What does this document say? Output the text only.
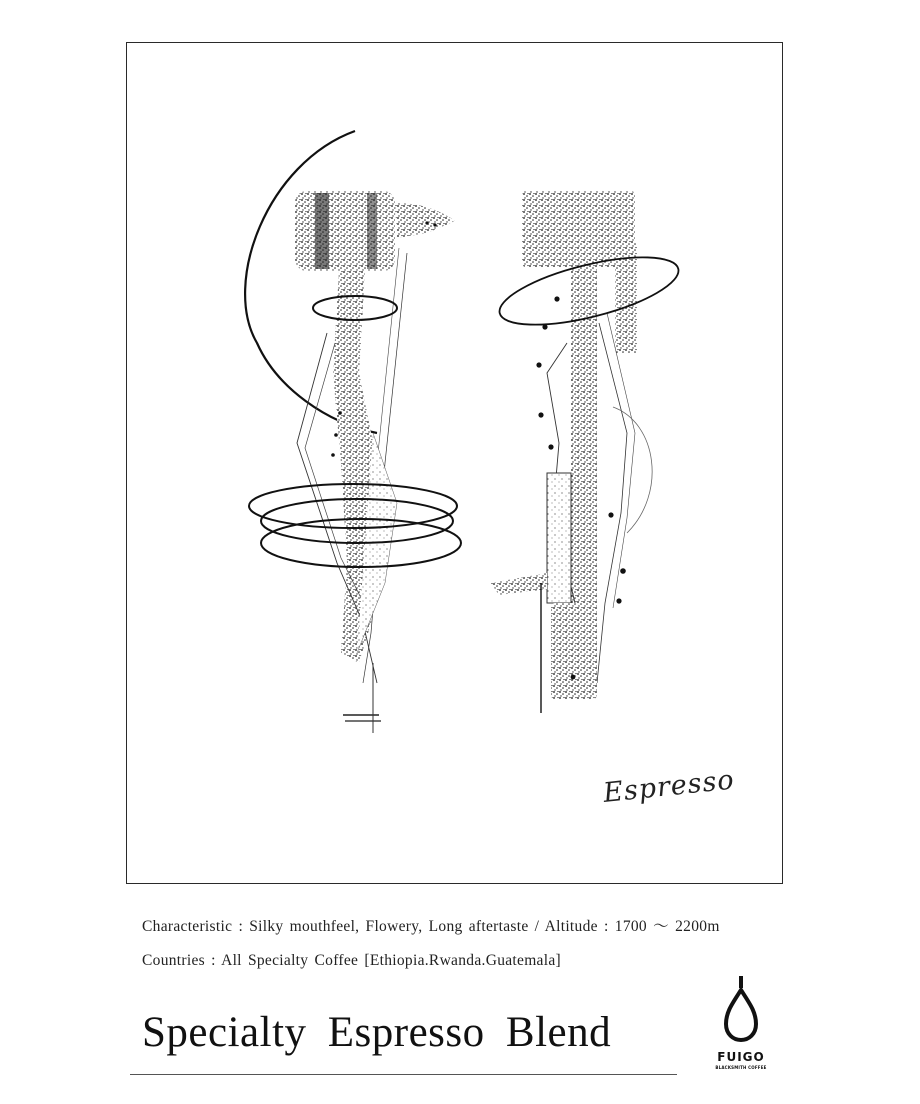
Espresso
Characteristic : Silky mouthfeel, Flowery, Long aftertaste / Altitude : 1700 ～ 2200m
Countries : All Specialty Coffee [Ethiopia.Rwanda.Guatemala]
Specialty Espresso Blend
FUIGO
BLACKSMITH COFFEE
